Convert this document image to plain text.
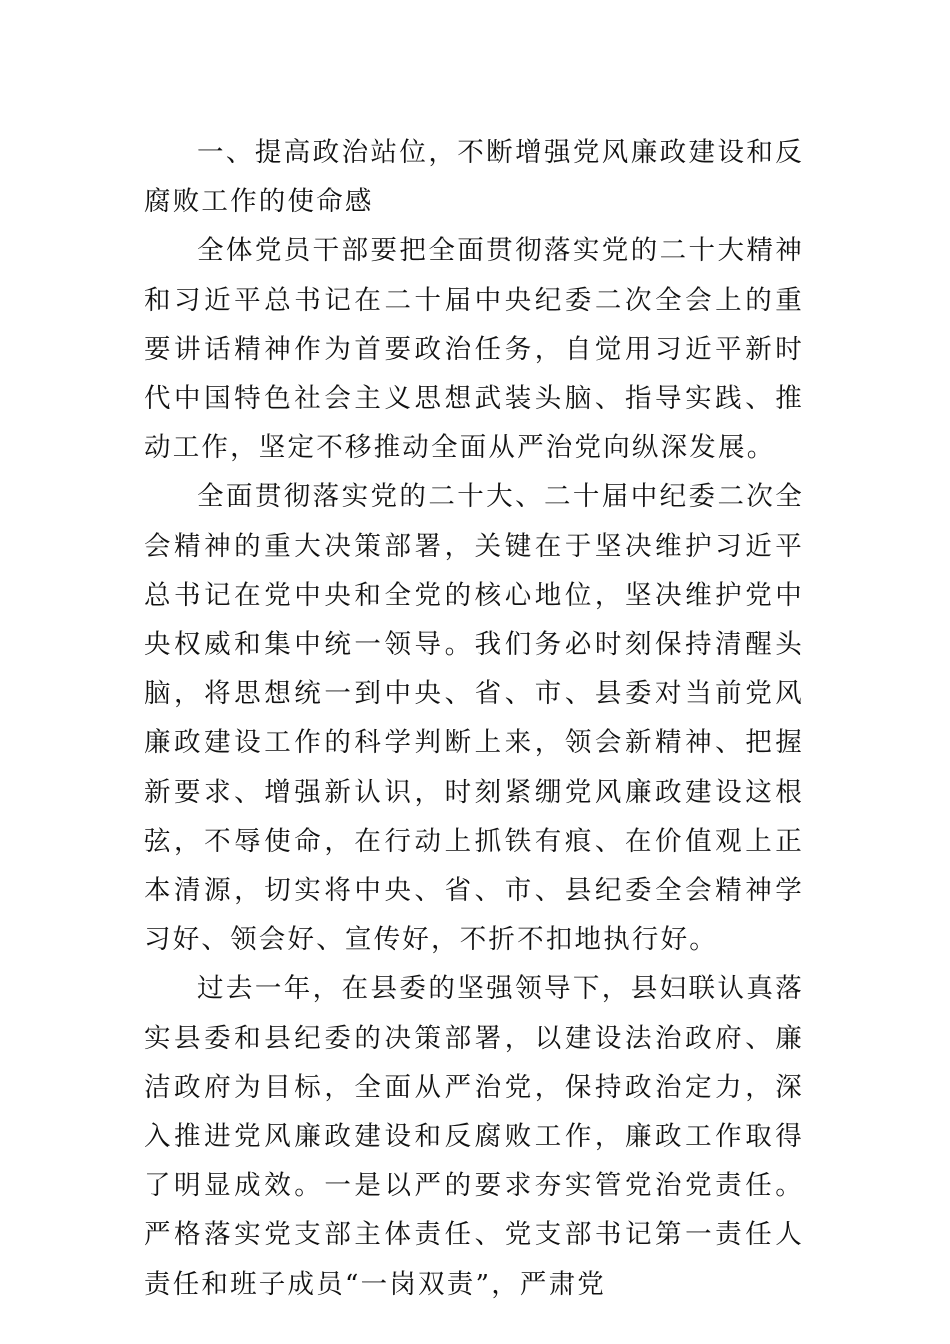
一、提高政治站位，不断增强党风廉政建设和反腐败工作的使命感

全体党员干部要把全面贯彻落实党的二十大精神和习近平总书记在二十届中央纪委二次全会上的重要讲话精神作为首要政治任务，自觉用习近平新时代中国特色社会主义思想武装头脑、指导实践、推动工作，坚定不移推动全面从严治党向纵深发展。

全面贯彻落实党的二十大、二十届中纪委二次全会精神的重大决策部署，关键在于坚决维护习近平总书记在党中央和全党的核心地位，坚决维护党中央权威和集中统一领导。我们务必时刻保持清醒头脑，将思想统一到中央、省、市、县委对当前党风廉政建设工作的科学判断上来，领会新精神、把握新要求、增强新认识，时刻紧绷党风廉政建设这根弦，不辱使命，在行动上抓铁有痕、在价值观上正本清源，切实将中央、省、市、县纪委全会精神学习好、领会好、宣传好，不折不扣地执行好。

过去一年，在县委的坚强领导下，县妇联认真落实县委和县纪委的决策部署，以建设法治政府、廉洁政府为目标，全面从严治党，保持政治定力，深入推进党风廉政建设和反腐败工作，廉政工作取得了明显成效。一是以严的要求夯实管党治党责任。严格落实党支部主体责任、党支部书记第一责任人责任和班子成员“一岗双责”，严肃党
